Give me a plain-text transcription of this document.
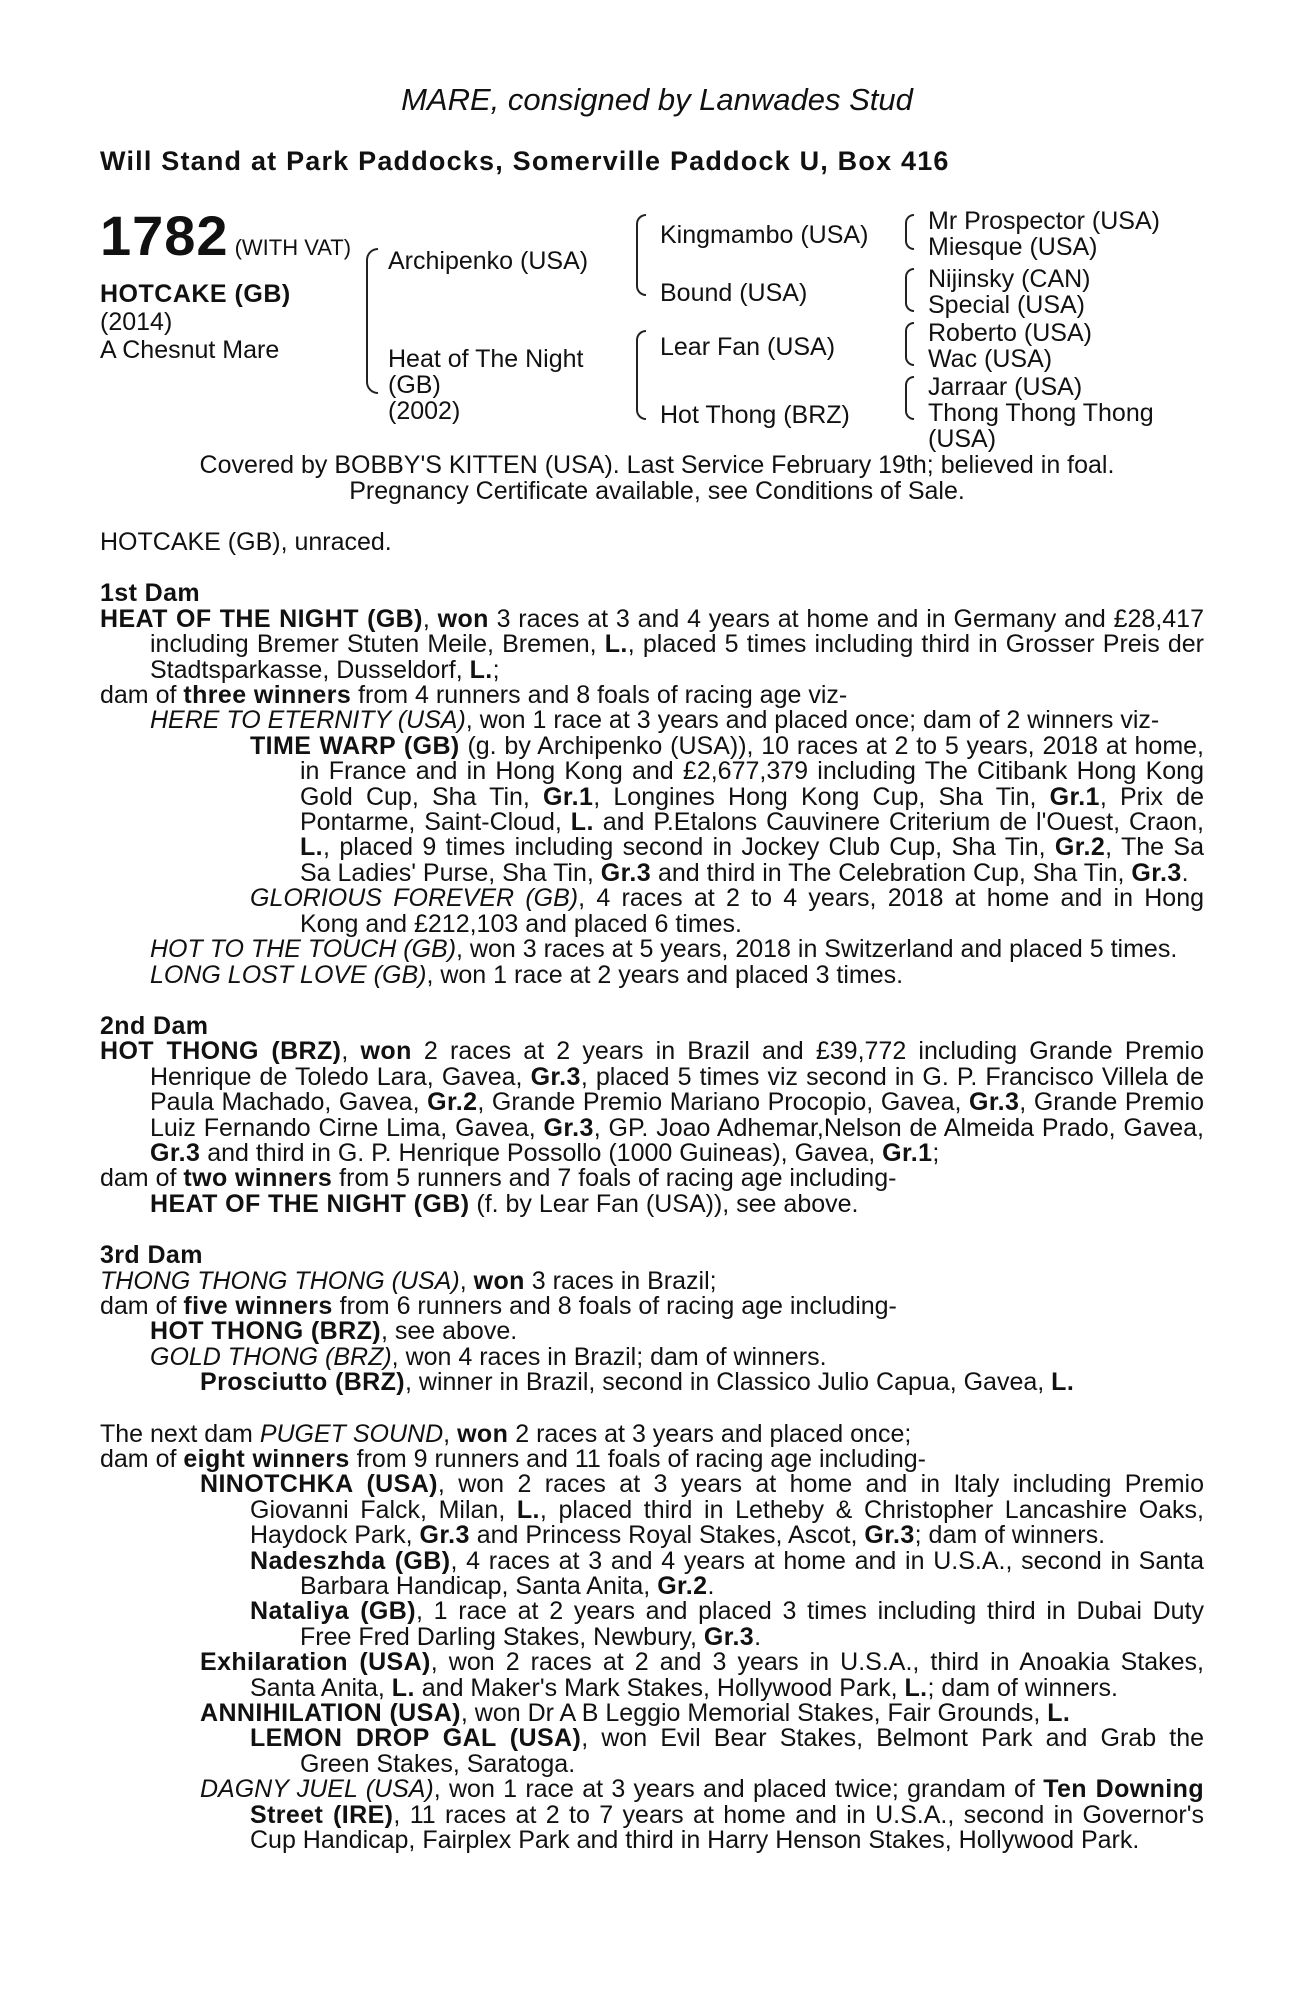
MARE, consigned by Lanwades Stud
Will Stand at Park Paddocks, Somerville Paddock U, Box 416
1782 (WITH VAT)
HOTCAKE (GB)
(2014)
A Chesnut Mare
Archipenko (USA)
Heat of The Night
(GB)
(2002)
Kingmambo (USA)
Bound (USA)
Lear Fan (USA)
Hot Thong (BRZ)
Mr Prospector (USA)
Miesque (USA)
Nijinsky (CAN)
Special (USA)
Roberto (USA)
Wac (USA)
Jarraar (USA)
Thong Thong Thong
(USA)
Covered by BOBBY'S KITTEN (USA). Last Service February 19th; believed in foal.
Pregnancy Certificate available, see Conditions of Sale.
HOTCAKE (GB), unraced.
1st Dam
HEAT OF THE NIGHT (GB), won 3 races at 3 and 4 years at home and in Germany and £28,417 including Bremer Stuten Meile, Bremen, L., placed 5 times including third in Grosser Preis der Stadtsparkasse, Dusseldorf, L.;
dam of three winners from 4 runners and 8 foals of racing age viz-
HERE TO ETERNITY (USA), won 1 race at 3 years and placed once; dam of 2 winners viz-
TIME WARP (GB) (g. by Archipenko (USA)), 10 races at 2 to 5 years, 2018 at home, in France and in Hong Kong and £2,677,379 including The Citibank Hong Kong Gold Cup, Sha Tin, Gr.1, Longines Hong Kong Cup, Sha Tin, Gr.1, Prix de Pontarme, Saint-Cloud, L. and P.Etalons Cauvinere Criterium de l'Ouest, Craon, L., placed 9 times including second in Jockey Club Cup, Sha Tin, Gr.2, The Sa Sa Ladies' Purse, Sha Tin, Gr.3 and third in The Celebration Cup, Sha Tin, Gr.3.
GLORIOUS FOREVER (GB), 4 races at 2 to 4 years, 2018 at home and in Hong Kong and £212,103 and placed 6 times.
HOT TO THE TOUCH (GB), won 3 races at 5 years, 2018 in Switzerland and placed 5 times.
LONG LOST LOVE (GB), won 1 race at 2 years and placed 3 times.
2nd Dam
HOT THONG (BRZ), won 2 races at 2 years in Brazil and £39,772 including Grande Premio Henrique de Toledo Lara, Gavea, Gr.3, placed 5 times viz second in G. P. Francisco Villela de Paula Machado, Gavea, Gr.2, Grande Premio Mariano Procopio, Gavea, Gr.3, Grande Premio Luiz Fernando Cirne Lima, Gavea, Gr.3, GP. Joao Adhemar,Nelson de Almeida Prado, Gavea, Gr.3 and third in G. P. Henrique Possollo (1000 Guineas), Gavea, Gr.1;
dam of two winners from 5 runners and 7 foals of racing age including-
HEAT OF THE NIGHT (GB) (f. by Lear Fan (USA)), see above.
3rd Dam
THONG THONG THONG (USA), won 3 races in Brazil;
dam of five winners from 6 runners and 8 foals of racing age including-
HOT THONG (BRZ), see above.
GOLD THONG (BRZ), won 4 races in Brazil; dam of winners.
Prosciutto (BRZ), winner in Brazil, second in Classico Julio Capua, Gavea, L.
The next dam PUGET SOUND, won 2 races at 3 years and placed once;
dam of eight winners from 9 runners and 11 foals of racing age including-
NINOTCHKA (USA), won 2 races at 3 years at home and in Italy including Premio Giovanni Falck, Milan, L., placed third in Letheby & Christopher Lancashire Oaks, Haydock Park, Gr.3 and Princess Royal Stakes, Ascot, Gr.3; dam of winners.
Nadeszhda (GB), 4 races at 3 and 4 years at home and in U.S.A., second in Santa Barbara Handicap, Santa Anita, Gr.2.
Nataliya (GB), 1 race at 2 years and placed 3 times including third in Dubai Duty Free Fred Darling Stakes, Newbury, Gr.3.
Exhilaration (USA), won 2 races at 2 and 3 years in U.S.A., third in Anoakia Stakes, Santa Anita, L. and Maker's Mark Stakes, Hollywood Park, L.; dam of winners.
ANNIHILATION (USA), won Dr A B Leggio Memorial Stakes, Fair Grounds, L.
LEMON DROP GAL (USA), won Evil Bear Stakes, Belmont Park and Grab the Green Stakes, Saratoga.
DAGNY JUEL (USA), won 1 race at 3 years and placed twice; grandam of Ten Downing Street (IRE), 11 races at 2 to 7 years at home and in U.S.A., second in Governor's Cup Handicap, Fairplex Park and third in Harry Henson Stakes, Hollywood Park.
